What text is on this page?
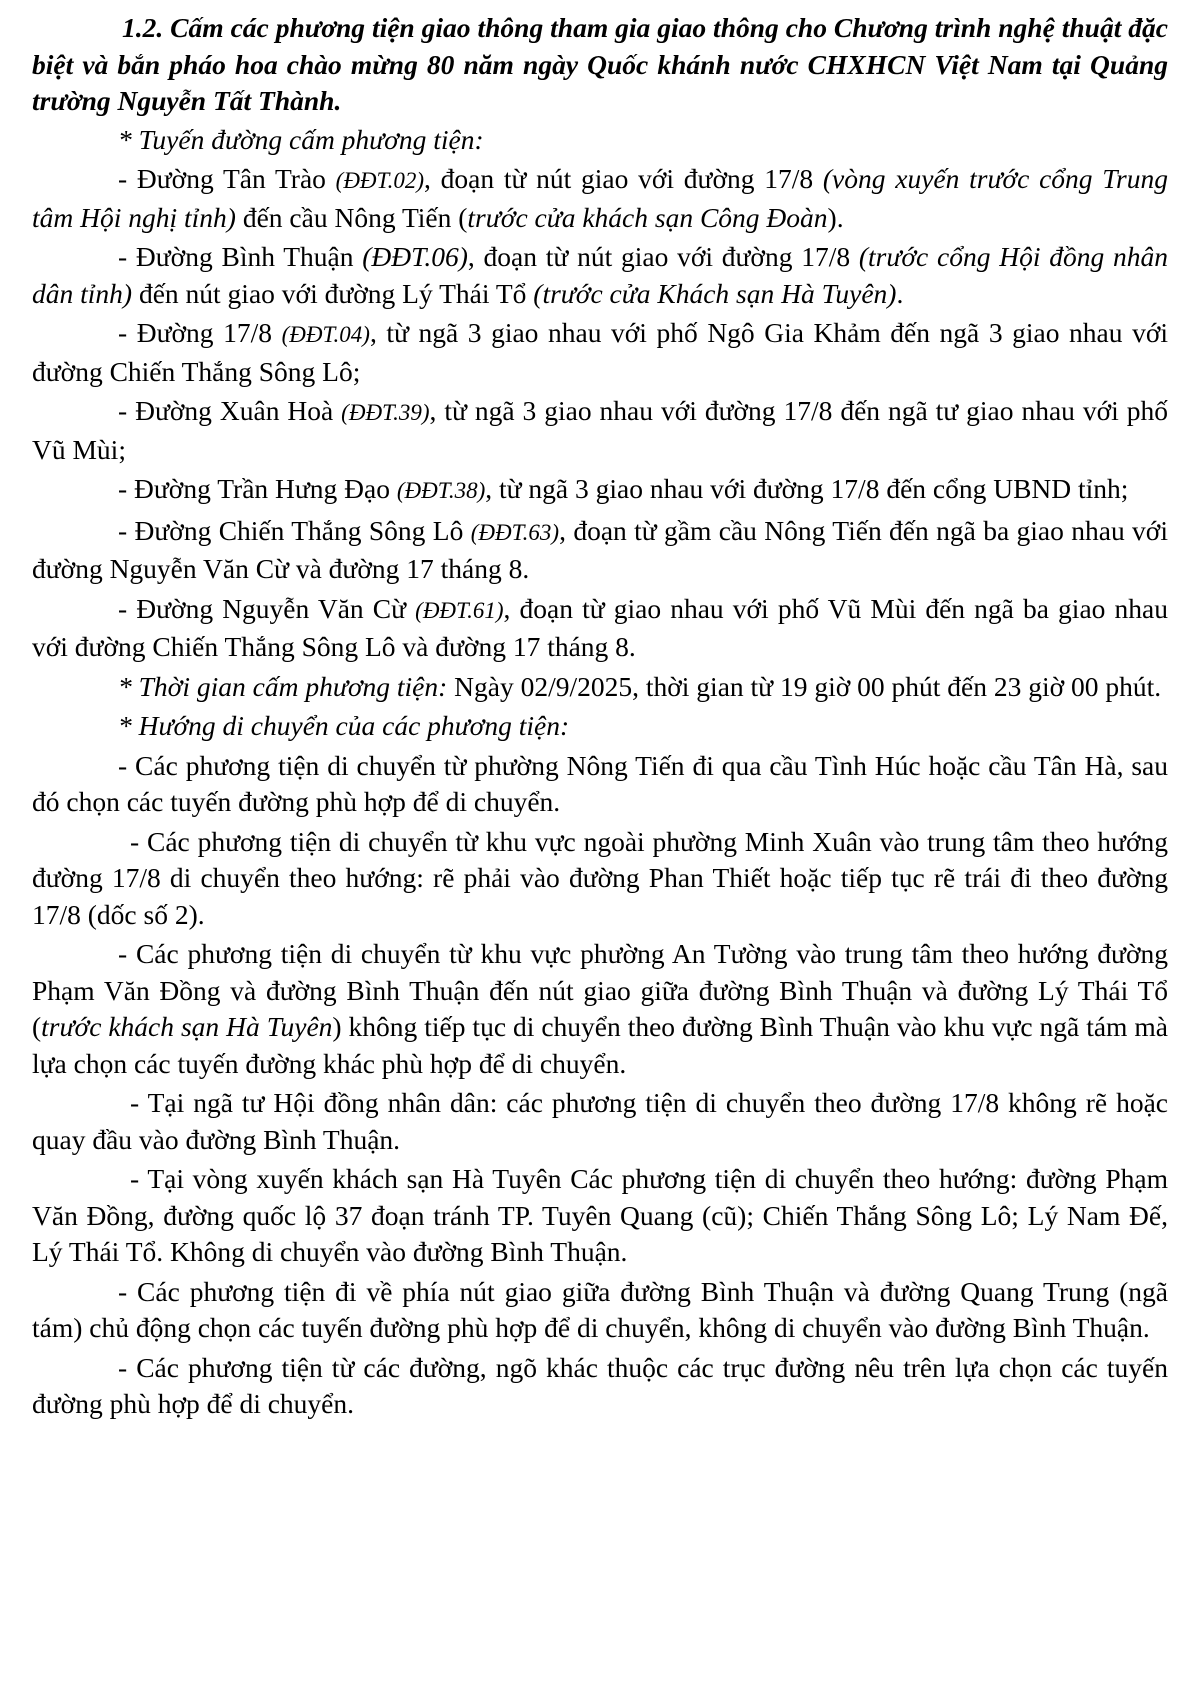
1.2. Cấm các phương tiện giao thông tham gia giao thông cho Chương trình nghệ thuật đặc biệt và bắn pháo hoa chào mừng 80 năm ngày Quốc khánh nước CHXHCN Việt Nam tại Quảng trường Nguyễn Tất Thành.

* Tuyến đường cấm phương tiện:

- Đường Tân Trào (ĐĐT.02), đoạn từ nút giao với đường 17/8 (vòng xuyến trước cổng Trung tâm Hội nghị tỉnh) đến cầu Nông Tiến (trước cửa khách sạn Công Đoàn).

- Đường Bình Thuận (ĐĐT.06), đoạn từ nút giao với đường 17/8 (trước cổng Hội đồng nhân dân tỉnh) đến nút giao với đường Lý Thái Tổ (trước cửa Khách sạn Hà Tuyên).

- Đường 17/8 (ĐĐT.04), từ ngã 3 giao nhau với phố Ngô Gia Khảm đến ngã 3 giao nhau với đường Chiến Thắng Sông Lô;

- Đường Xuân Hoà (ĐĐT.39), từ ngã 3 giao nhau với đường 17/8 đến ngã tư giao nhau với phố Vũ Mùi;

- Đường Trần Hưng Đạo (ĐĐT.38), từ ngã 3 giao nhau với đường 17/8 đến cổng UBND tỉnh;

- Đường Chiến Thắng Sông Lô (ĐĐT.63), đoạn từ gầm cầu Nông Tiến đến ngã ba giao nhau với đường Nguyễn Văn Cừ và đường 17 tháng 8.

- Đường Nguyễn Văn Cừ (ĐĐT.61), đoạn từ giao nhau với phố Vũ Mùi đến ngã ba giao nhau với đường Chiến Thắng Sông Lô và đường 17 tháng 8.

* Thời gian cấm phương tiện: Ngày 02/9/2025, thời gian từ 19 giờ 00 phút đến 23 giờ 00 phút.

* Hướng di chuyển của các phương tiện:

- Các phương tiện di chuyển từ phường Nông Tiến đi qua cầu Tình Húc hoặc cầu Tân Hà, sau đó chọn các tuyến đường phù hợp để di chuyển.

- Các phương tiện di chuyển từ khu vực ngoài phường Minh Xuân vào trung tâm theo hướng đường 17/8 di chuyển theo hướng: rẽ phải vào đường Phan Thiết hoặc tiếp tục rẽ trái đi theo đường 17/8 (dốc số 2).

- Các phương tiện di chuyển từ khu vực phường An Tường vào trung tâm theo hướng đường Phạm Văn Đồng và đường Bình Thuận đến nút giao giữa đường Bình Thuận và đường Lý Thái Tổ (trước khách sạn Hà Tuyên) không tiếp tục di chuyển theo đường Bình Thuận vào khu vực ngã tám mà lựa chọn các tuyến đường khác phù hợp để di chuyển.

- Tại ngã tư Hội đồng nhân dân: các phương tiện di chuyển theo đường 17/8 không rẽ hoặc quay đầu vào đường Bình Thuận.

- Tại vòng xuyến khách sạn Hà Tuyên Các phương tiện di chuyển theo hướng: đường Phạm Văn Đồng, đường quốc lộ 37 đoạn tránh TP. Tuyên Quang (cũ); Chiến Thắng Sông Lô; Lý Nam Đế, Lý Thái Tổ. Không di chuyển vào đường Bình Thuận.

- Các phương tiện đi về phía nút giao giữa đường Bình Thuận và đường Quang Trung (ngã tám) chủ động chọn các tuyến đường phù hợp để di chuyển, không di chuyển vào đường Bình Thuận.

- Các phương tiện từ các đường, ngõ khác thuộc các trục đường nêu trên lựa chọn các tuyến đường phù hợp để di chuyển.
